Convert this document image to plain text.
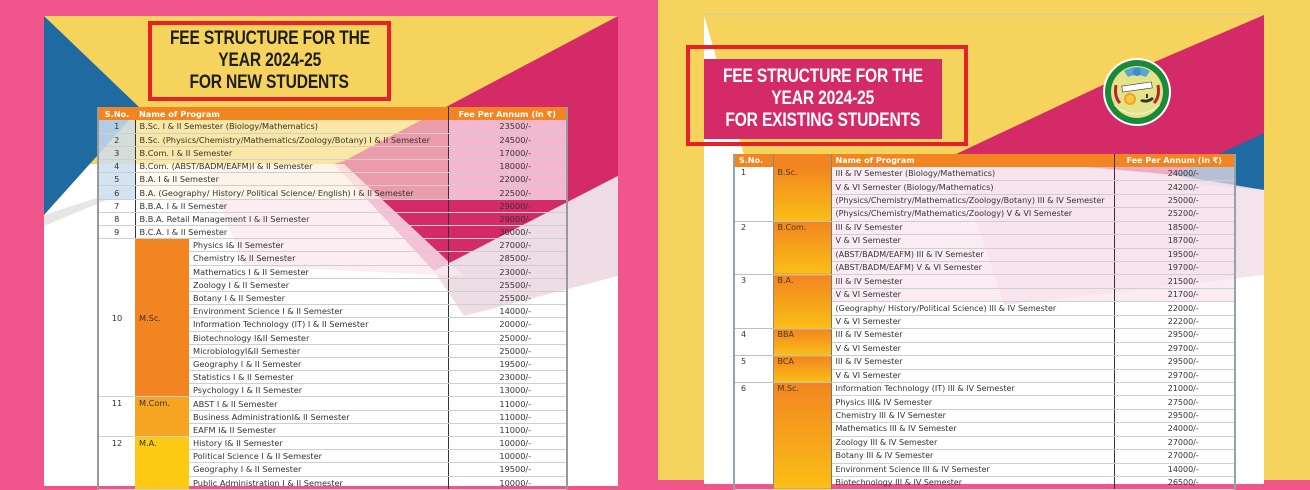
FEE STRUCTURE FOR THE
YEAR 2024-25
FOR NEW STUDENTS
S.No.	Name of Program		Fee Per Annum (in ₹)
1	B.Sc. I & II Semester (Biology/Mathematics)		23500/-
2	B.Sc. (Physics/Chemistry/Mathematics/Zoology/Botany) I & II Semester		24500/-
3	B.Com. I & II Semester		17000/-
4	B.Com. (ABST/BADM/EAFM)I & II Semester		18000/-
5	B.A. I & II Semester		22000/-
6	B.A. (Geography/ History/ Political Science/ English) I & II Semester		22500/-
7	B.B.A. I & II Semester		29000/-
8	B.B.A. Retail Management I & II Semester		29000/-
9	B.C.A. I & II Semester		30000/-
10	M.Sc.	Physics I& II Semester	27000/-
		Chemistry I& II Semester	28500/-
		Mathematics I & II Semester	23000/-
		Zoology I & II Semester	25500/-
		Botany I & II Semester	25500/-
		Environment Science I & II Semester	14000/-
		Information Technology (IT) I & II Semester	20000/-
		Biotechnology I&II Semester	25000/-
		MicrobiologyI&II Semester	25000/-
		Geography I & II Semester	19500/-
		Statistics I & II Semester	23000/-
		Psychology I & II Semester	13000/-
11	M.Com.	ABST I & II Semester	11000/-
		Business AdministrationI& II Semester	11000/-
		EAFM I& II Semester	11000/-
12	M.A.	History I& II Semester	10000/-
		Political Science I & II Semester	10000/-
		Geography I & II Semester	19500/-
		Public Administration I & II Semester	10000/-
FEE STRUCTURE FOR THE
YEAR 2024-25
FOR EXISTING STUDENTS
S.No.		Name of Program	Fee Per Annum (in ₹)
1	B.Sc.	III & IV Semester (Biology/Mathematics)	24000/-
		V & VI Semester (Biology/Mathematics)	24200/-
		(Physics/Chemistry/Mathematics/Zoology/Botany) III & IV Semester	25000/-
		(Physics/Chemistry/Mathematics/Zoology) V & VI Semester	25200/-
2	B.Com.	III & IV Semester	18500/-
		V & VI Semester	18700/-
		(ABST/BADM/EAFM) III & IV Semester	19500/-
		(ABST/BADM/EAFM) V & VI Semester	19700/-
3	B.A.	III & IV Semester	21500/-
		V & VI Semester	21700/-
		(Geography/ History/Political Science) III & IV Semester	22000/-
		V & VI Semester	22200/-
4	BBA	III & IV Semester	29500/-
		V & VI Semester	29700/-
5	BCA	III & IV Semester	29500/-
		V & VI Semester	29700/-
6	M.Sc.	Information Technology (IT) III & IV Semester	21000/-
		Physics III& IV Semester	27500/-
		Chemistry III & IV Semester	29500/-
		Mathematics III & IV Semester	24000/-
		Zoology III & IV Semester	27000/-
		Botany III & IV Semester	27000/-
		Environment Science III & IV Semester	14000/-
		Biotechnology III & IV Semester	26500/-
